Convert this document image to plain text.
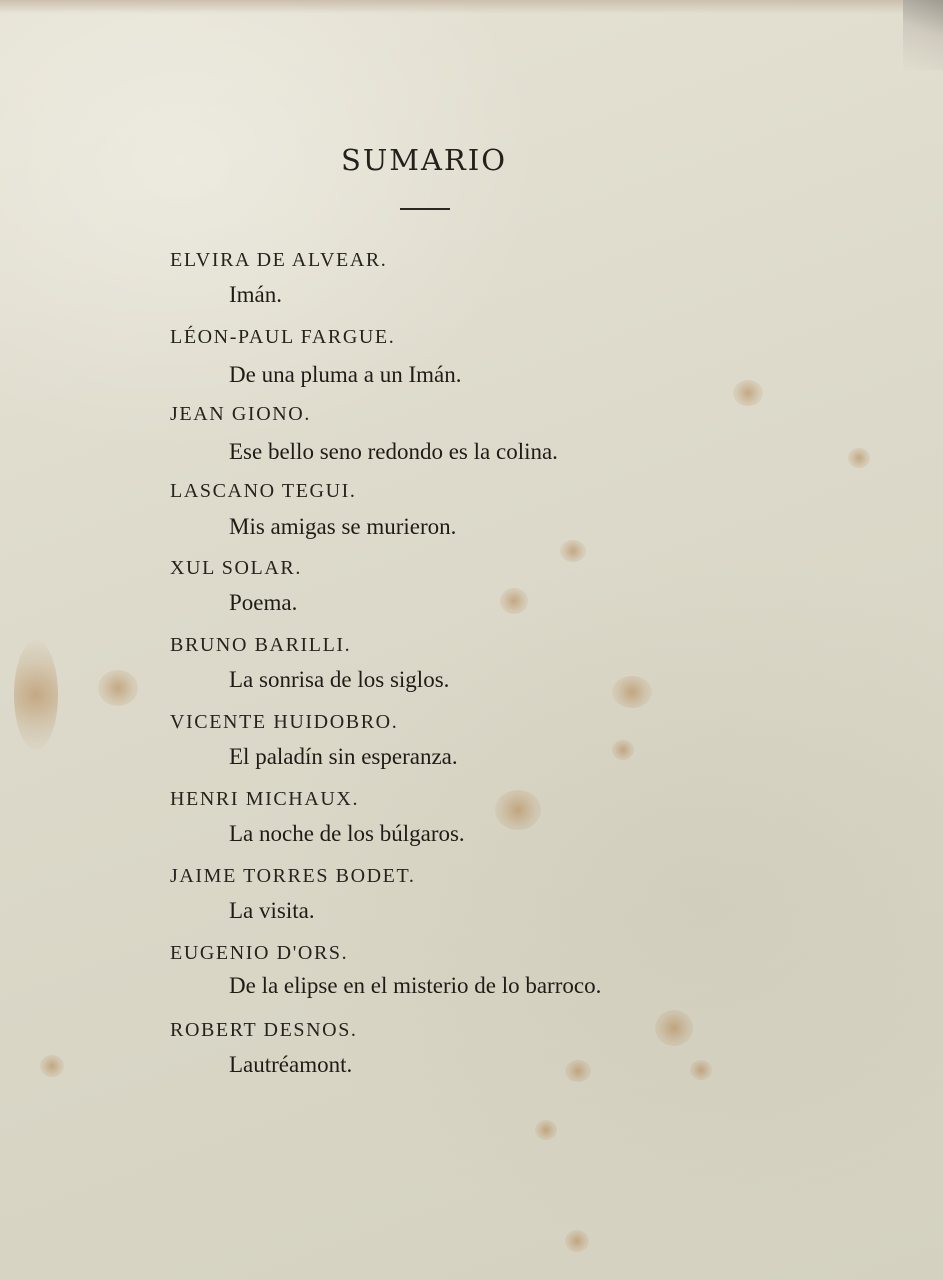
SUMARIO
ELVIRA DE ALVEAR.
Imán.
LÉON-PAUL FARGUE.
De una pluma a un Imán.
JEAN GIONO.
Ese bello seno redondo es la colina.
LASCANO TEGUI.
Mis amigas se murieron.
XUL SOLAR.
Poema.
BRUNO BARILLI.
La sonrisa de los siglos.
VICENTE HUIDOBRO.
El paladín sin esperanza.
HENRI MICHAUX.
La noche de los búlgaros.
JAIME TORRES BODET.
La visita.
EUGENIO D'ORS.
De la elipse en el misterio de lo barroco.
ROBERT DESNOS.
Lautréamont.
